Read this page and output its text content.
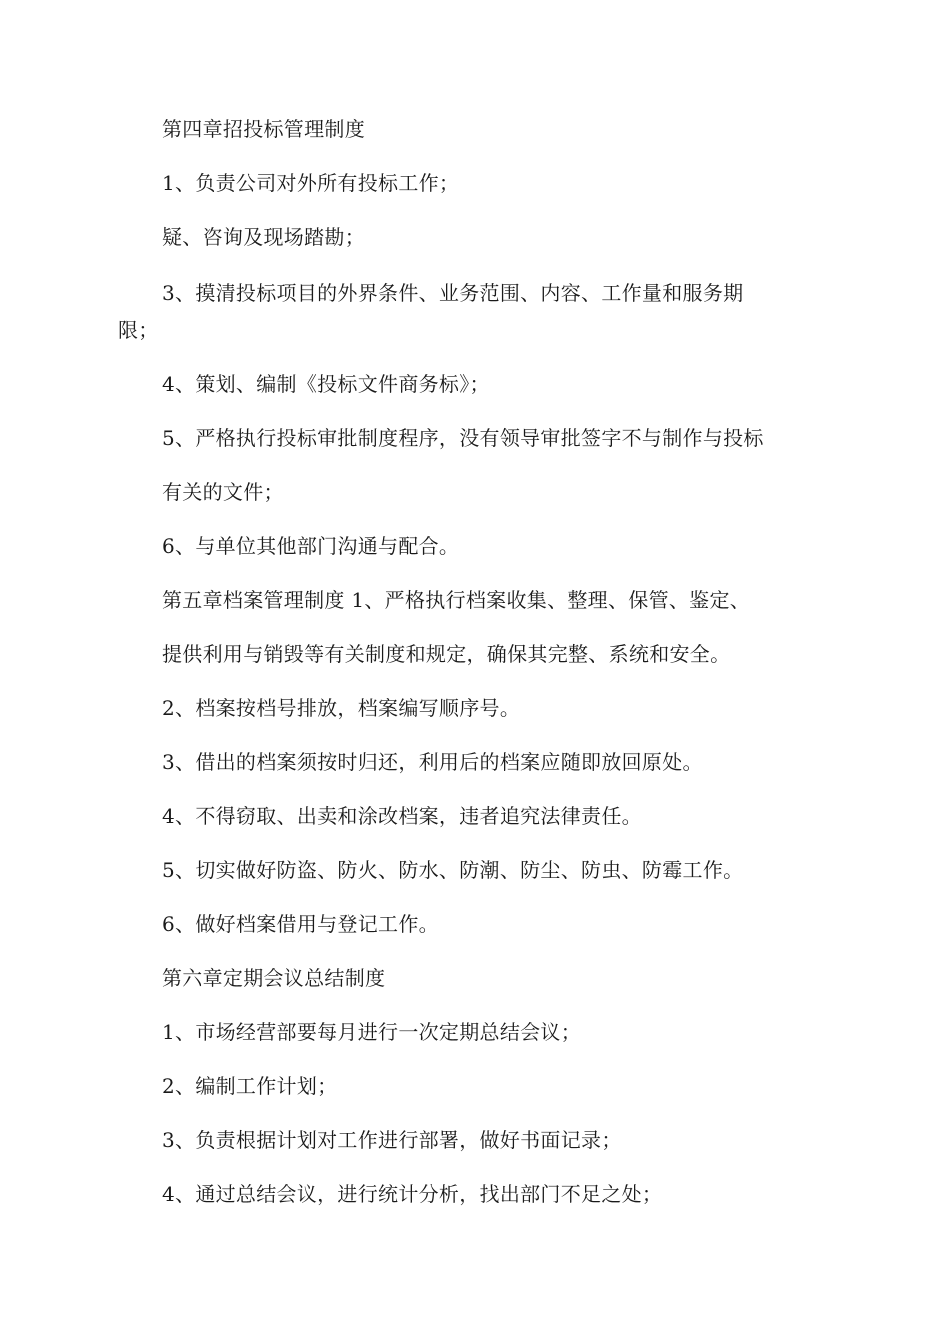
第四章招投标管理制度

1、负责公司对外所有投标工作；

疑、咨询及现场踏勘；

3、摸清投标项目的外界条件、业务范围、内容、工作量和服务期

限；

4、策划、编制《投标文件商务标》；

5、严格执行投标审批制度程序，没有领导审批签字不与制作与投标

有关的文件；

6、与单位其他部门沟通与配合。

第五章档案管理制度 1、严格执行档案收集、整理、保管、鉴定、

提供利用与销毁等有关制度和规定，确保其完整、系统和安全。

2、档案按档号排放，档案编写顺序号。

3、借出的档案须按时归还，利用后的档案应随即放回原处。

4、不得窃取、出卖和涂改档案，违者追究法律责任。

5、切实做好防盗、防火、防水、防潮、防尘、防虫、防霉工作。

6、做好档案借用与登记工作。

第六章定期会议总结制度

1、市场经营部要每月进行一次定期总结会议；

2、编制工作计划；

3、负责根据计划对工作进行部署，做好书面记录；

4、通过总结会议，进行统计分析，找出部门不足之处；
